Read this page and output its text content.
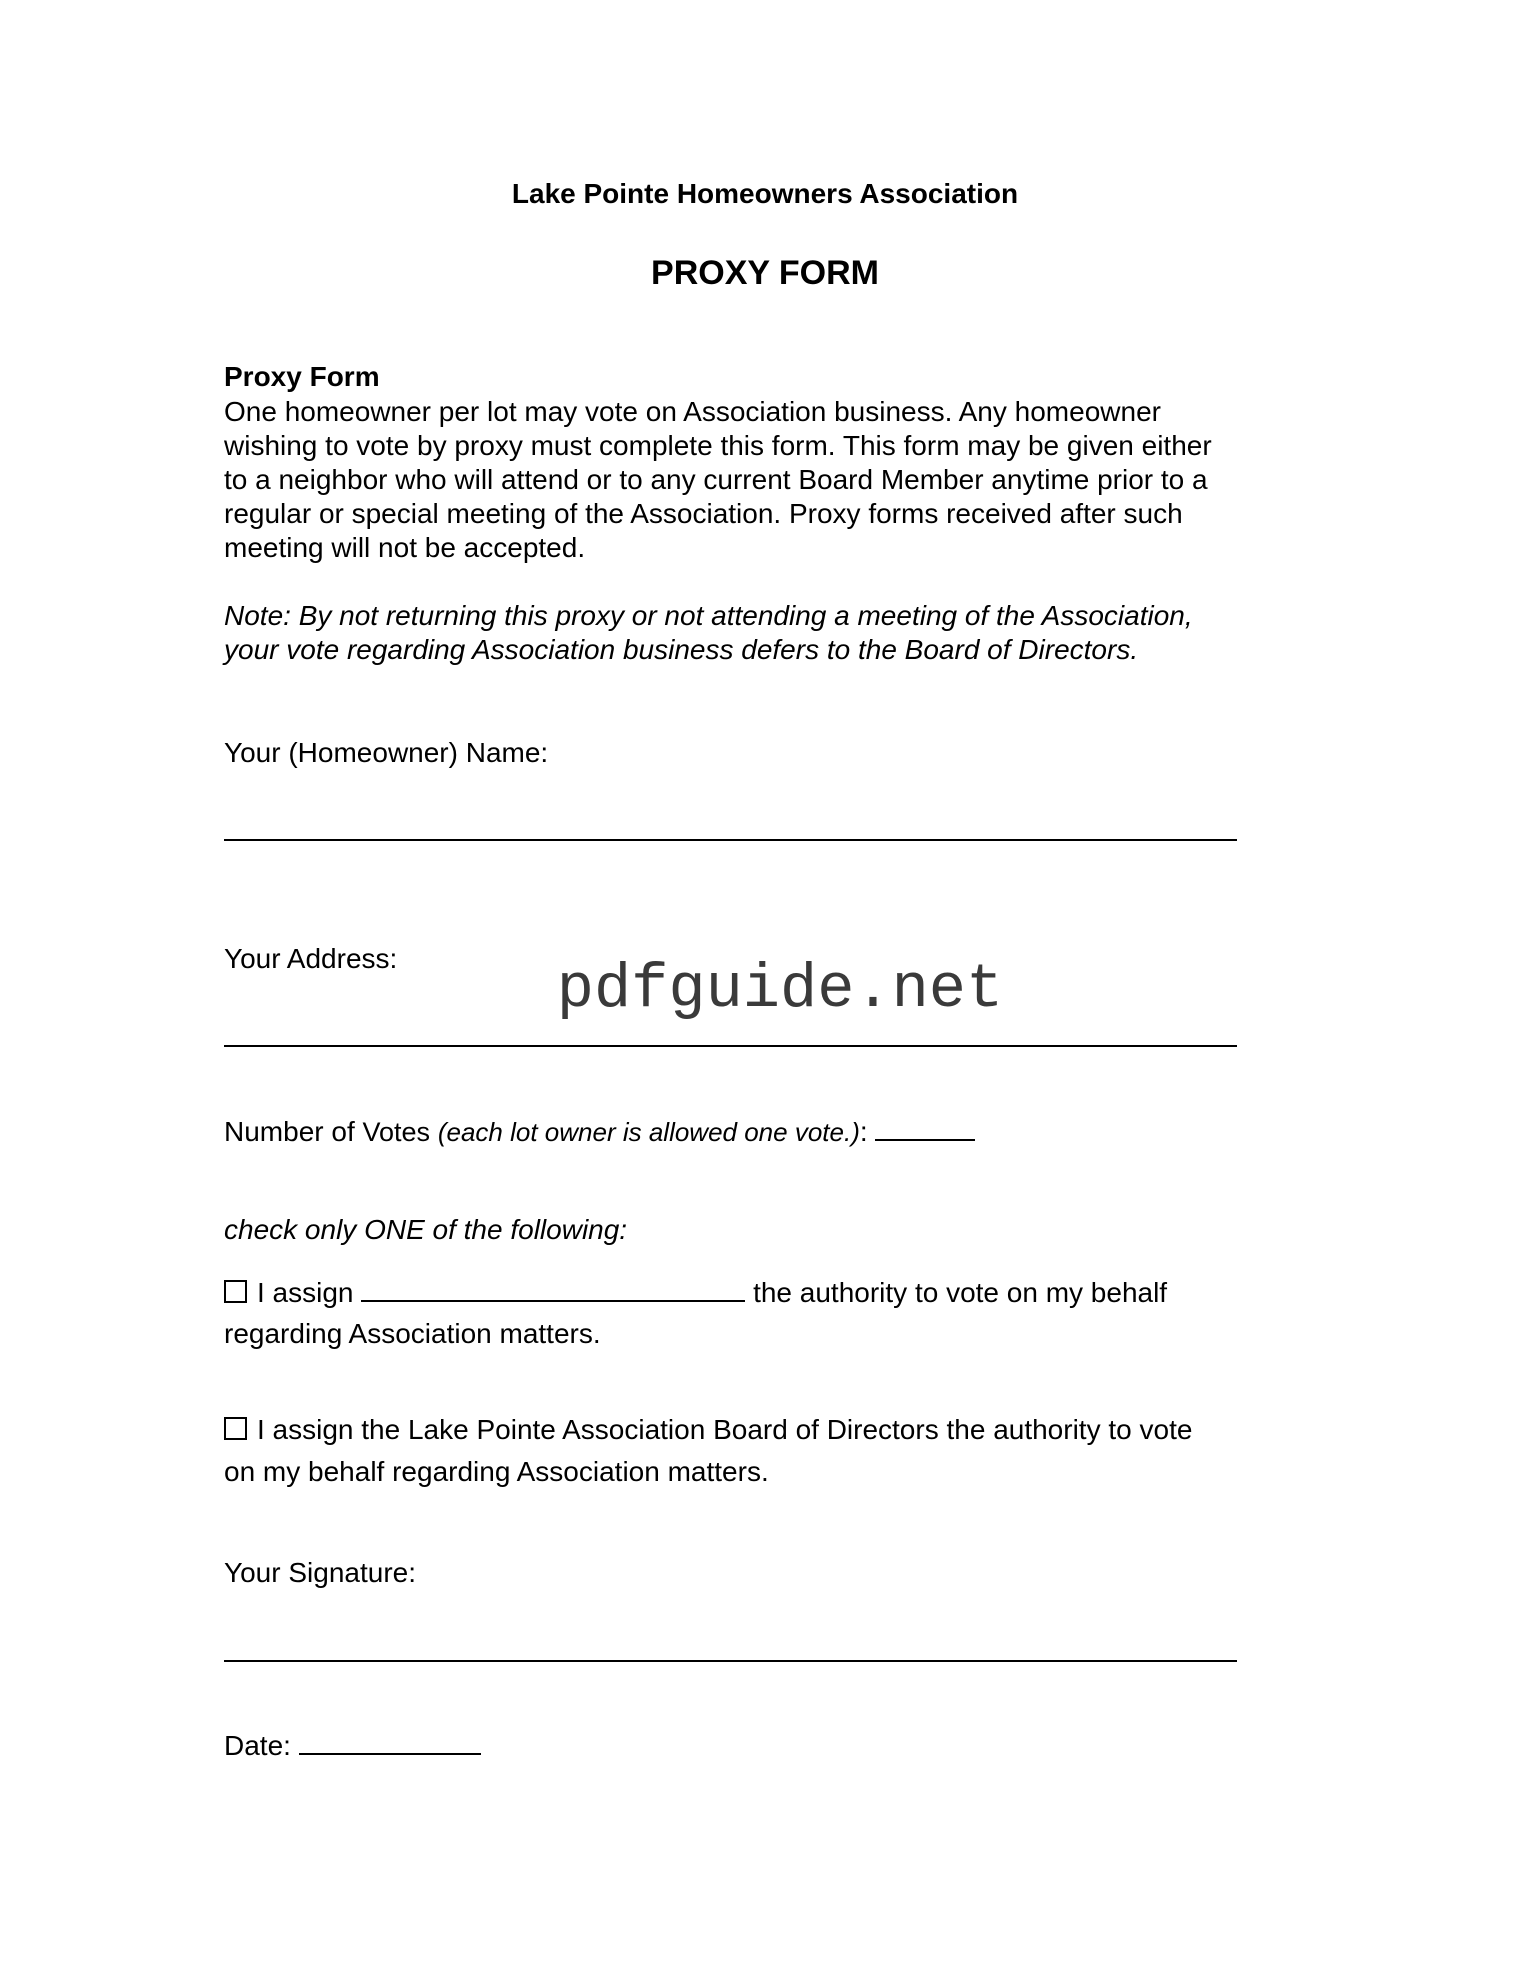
Lake Pointe Homeowners Association
PROXY FORM
Proxy Form
One homeowner per lot may vote on Association business. Any homeowner
wishing to vote by proxy must complete this form. This form may be given either
to a neighbor who will attend or to any current Board Member anytime prior to a
regular or special meeting of the Association. Proxy forms received after such
meeting will not be accepted.
Note: By not returning this proxy or not attending a meeting of the Association,
your vote regarding Association business defers to the Board of Directors.
Your (Homeowner) Name:
Your Address:	pdfguide.net
Number of Votes (each lot owner is allowed one vote.):
check only ONE of the following:
I assign	the authority to vote on my behalf
regarding Association matters.
I assign the Lake Pointe Association Board of Directors the authority to vote
on my behalf regarding Association matters.
Your Signature:
Date:
